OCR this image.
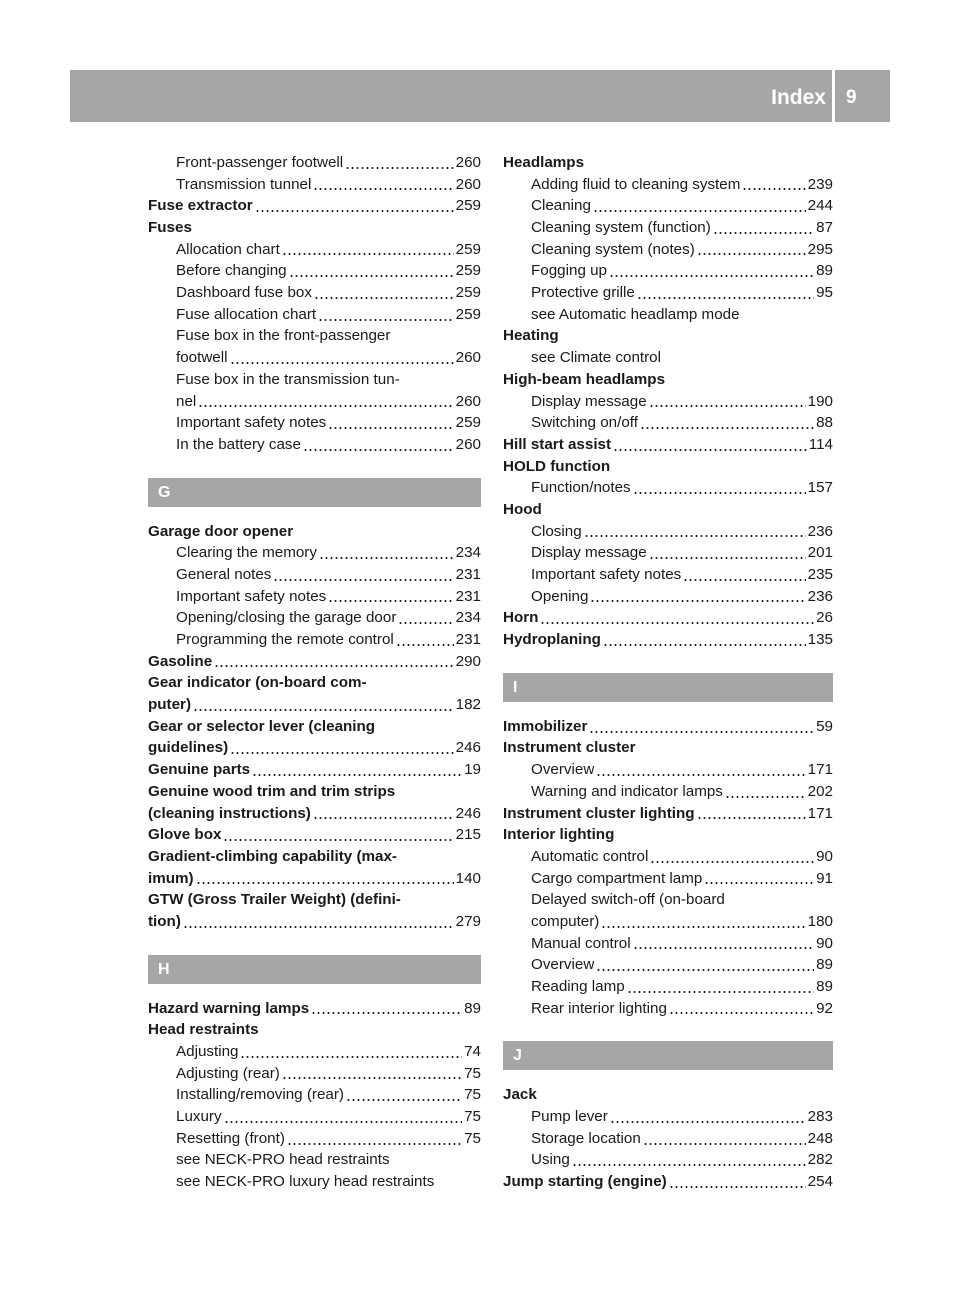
Index 9
Front-passenger footwell	260
Transmission tunnel	260
Fuse extractor	259
Fuses
Allocation chart	259
Before changing	259
Dashboard fuse box	259
Fuse allocation chart	259
Fuse box in the front-passenger
footwell	260
Fuse box in the transmission tun-
nel	260
Important safety notes	259
In the battery case	260
G
Garage door opener
Clearing the memory	234
General notes	231
Important safety notes	231
Opening/closing the garage door	234
Programming the remote control	231
Gasoline	290
Gear indicator (on-board com-
puter)	182
Gear or selector lever (cleaning
guidelines)	246
Genuine parts	19
Genuine wood trim and trim strips
(cleaning instructions)	246
Glove box	215
Gradient-climbing capability (max-
imum)	140
GTW (Gross Trailer Weight) (defini-
tion)	279
H
Hazard warning lamps	89
Head restraints
Adjusting	74
Adjusting (rear)	75
Installing/removing (rear)	75
Luxury	75
Resetting (front)	75
see NECK-PRO head restraints
see NECK-PRO luxury head restraints
Headlamps
Adding fluid to cleaning system	239
Cleaning	244
Cleaning system (function)	87
Cleaning system (notes)	295
Fogging up	89
Protective grille	95
see Automatic headlamp mode
Heating
see Climate control
High-beam headlamps
Display message	190
Switching on/off	88
Hill start assist	114
HOLD function
Function/notes	157
Hood
Closing	236
Display message	201
Important safety notes	235
Opening	236
Horn	26
Hydroplaning	135
I
Immobilizer	59
Instrument cluster
Overview	171
Warning and indicator lamps	202
Instrument cluster lighting	171
Interior lighting
Automatic control	90
Cargo compartment lamp	91
Delayed switch-off (on-board
computer)	180
Manual control	90
Overview	89
Reading lamp	89
Rear interior lighting	92
J
Jack
Pump lever	283
Storage location	248
Using	282
Jump starting (engine)	254
